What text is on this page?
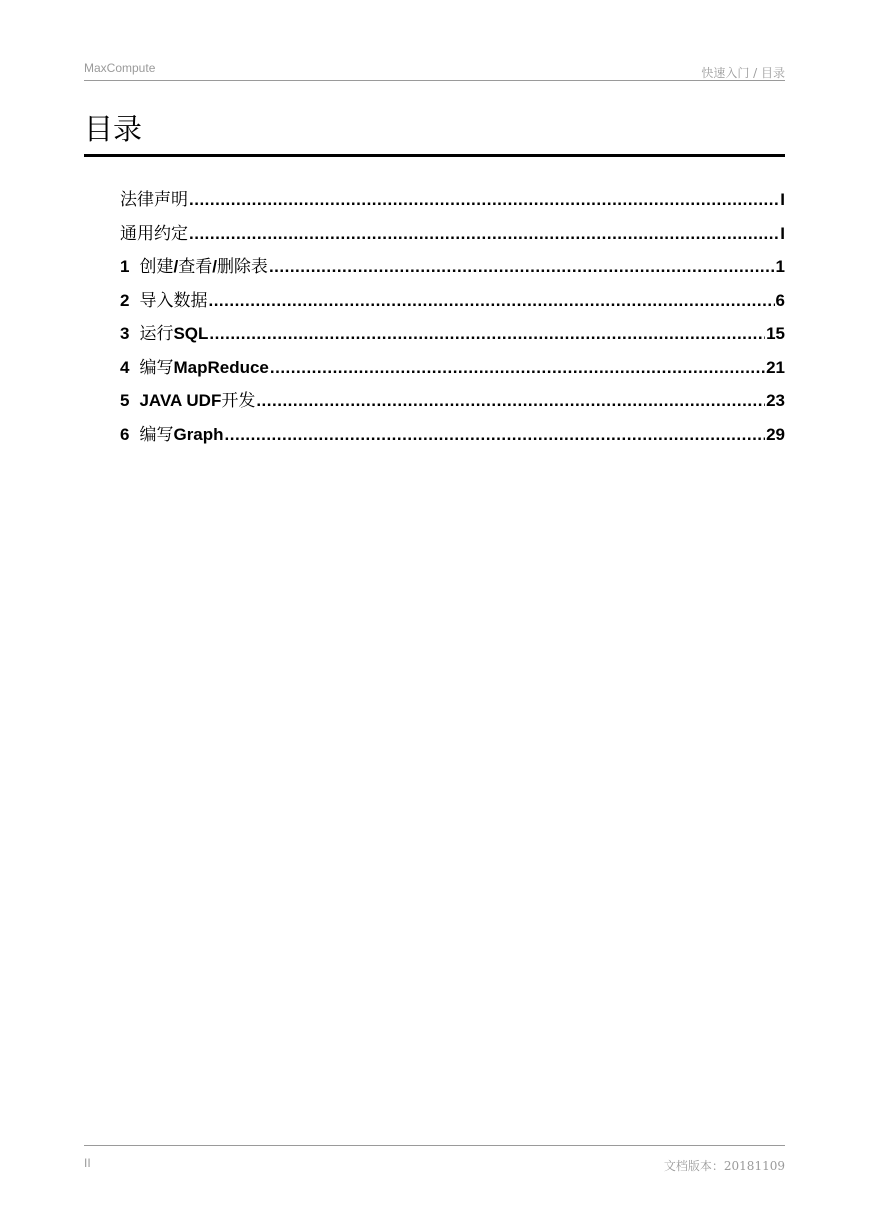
MaxCompute	快速入门 / 目录
目录
法律声明 .....	I
通用约定 .....	I
1 创建/查看/删除表 .....	1
2 导入数据 .....	6
3 运行SQL .....	15
4 编写MapReduce .....	21
5 JAVA UDF开发 .....	23
6 编写Graph .....	29
II	文档版本：20181109
